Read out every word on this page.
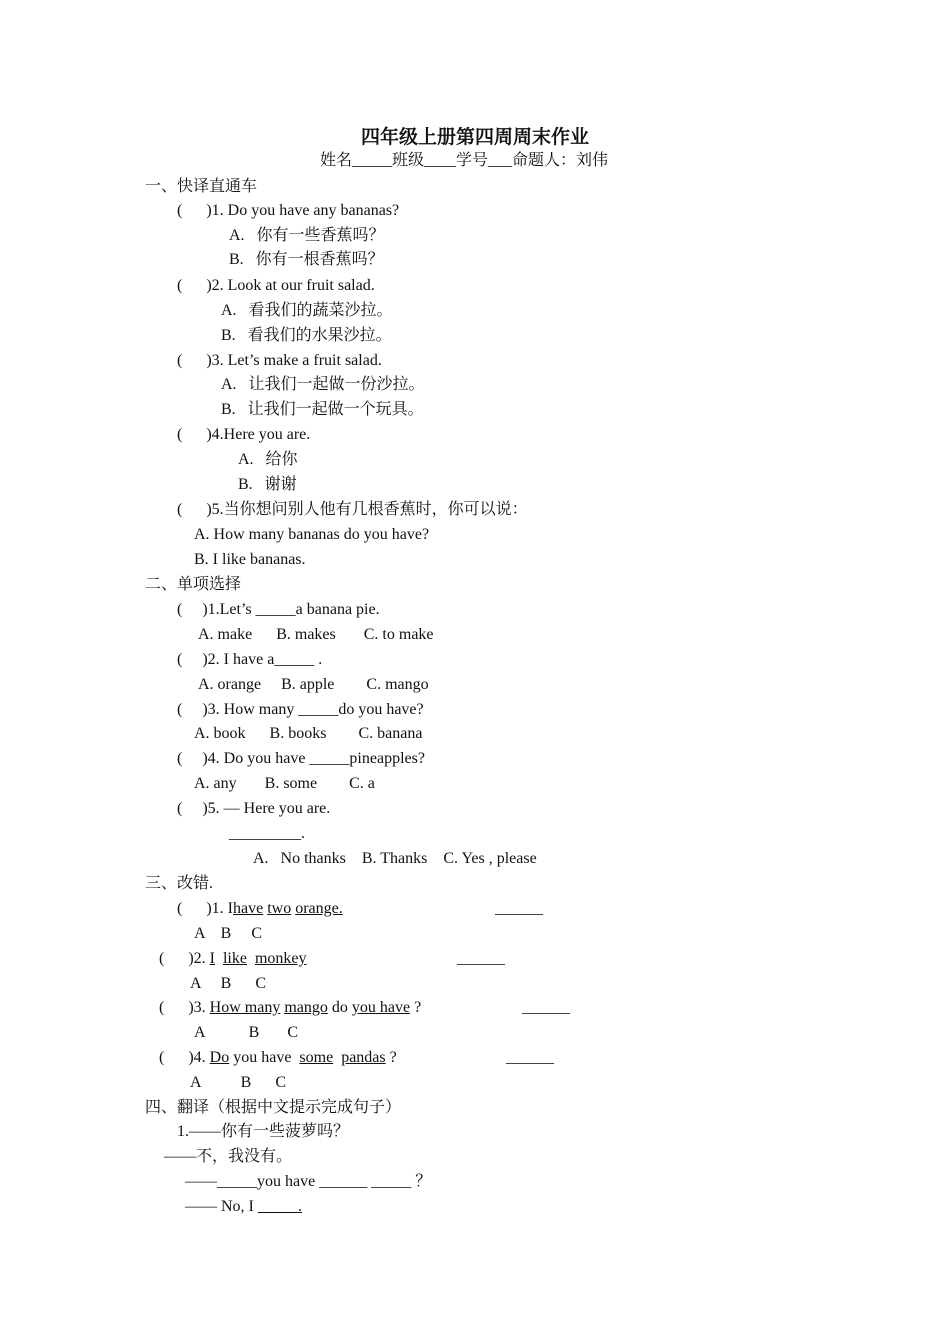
四年级上册第四周周末作业
姓名_____班级____学号___命题人：刘伟
一、快译直通车
(      )1. Do you have any bananas?
A.   你有一些香蕉吗？
B.   你有一根香蕉吗？
(      )2. Look at our fruit salad.
A.   看我们的蔬菜沙拉。
B.   看我们的水果沙拉。
(      )3. Let’s make a fruit salad.
A.   让我们一起做一份沙拉。
B.   让我们一起做一个玩具。
(      )4.Here you are.
A.   给你
B.   谢谢
(      )5.当你想问别人他有几根香蕉时，你可以说：
A. How many bananas do you have?
B. I like bananas.
二、单项选择
(     )1.Let’s _____a banana pie.
A. make      B. makes       C. to make
(     )2. I have a_____ .
A. orange     B. apple        C. mango
(     )3. How many _____do you have?
A. book      B. books        C. banana
(     )4. Do you have _____pineapples?
A. any       B. some        C. a
(     )5. — Here you are.
_________.
A.   No thanks    B. Thanks    C. Yes , please
三、改错.
(      )1. Ihave two orange.	______
A    B     C
(      )2. I like monkey	______
A     B      C
(      )3. How many mango do you have ?	______
A           B       C
(      )4. Do you have  some pandas ?	______
A          B      C
四、翻译（根据中文提示完成句子）
1.——你有一些菠萝吗？
——不，我没有。
——_____you have ______ _____ ？
—— No, I _____.
